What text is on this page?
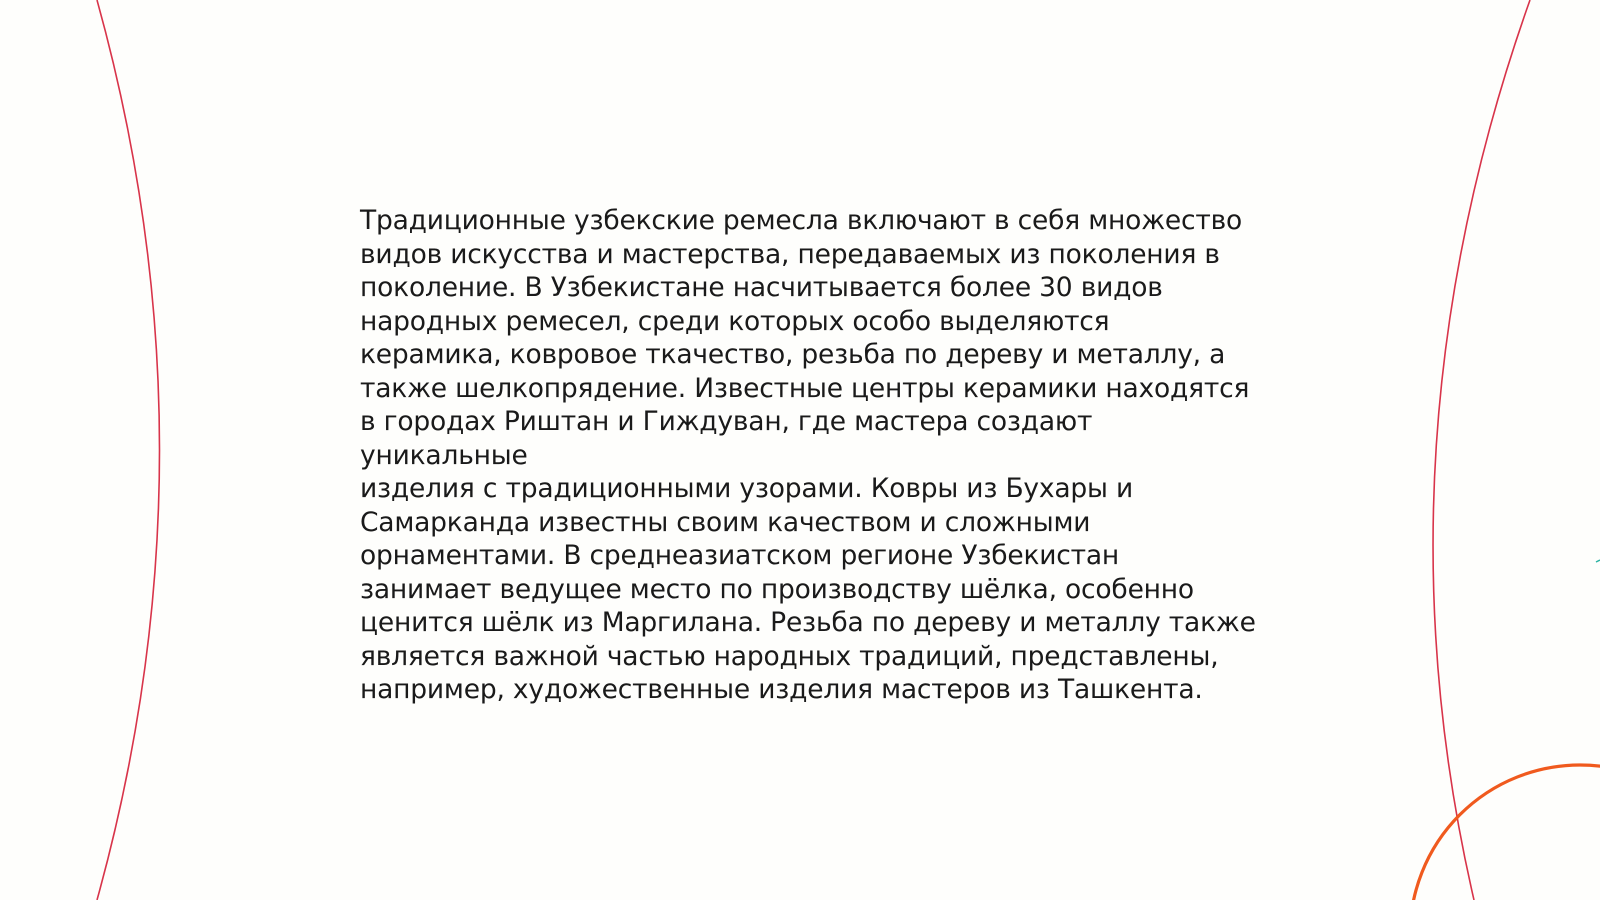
Традиционные узбекские ремесла включают в себя множество
видов искусства и мастерства, передаваемых из поколения в
поколение. В Узбекистане насчитывается более 30 видов
народных ремесел, среди которых особо выделяются
керамика, ковровое ткачество, резьба по дереву и металлу, а
также шелкопрядение. Известные центры керамики находятся
в городах Риштан и Гиждуван, где мастера создают уникальные
изделия с традиционными узорами. Ковры из Бухары и
Самарканда известны своим качеством и сложными
орнаментами. В среднеазиатском регионе Узбекистан
занимает ведущее место по производству шёлка, особенно
ценится шёлк из Маргилана. Резьба по дереву и металлу также
является важной частью народных традиций, представлены,
например, художественные изделия мастеров из Ташкента.
